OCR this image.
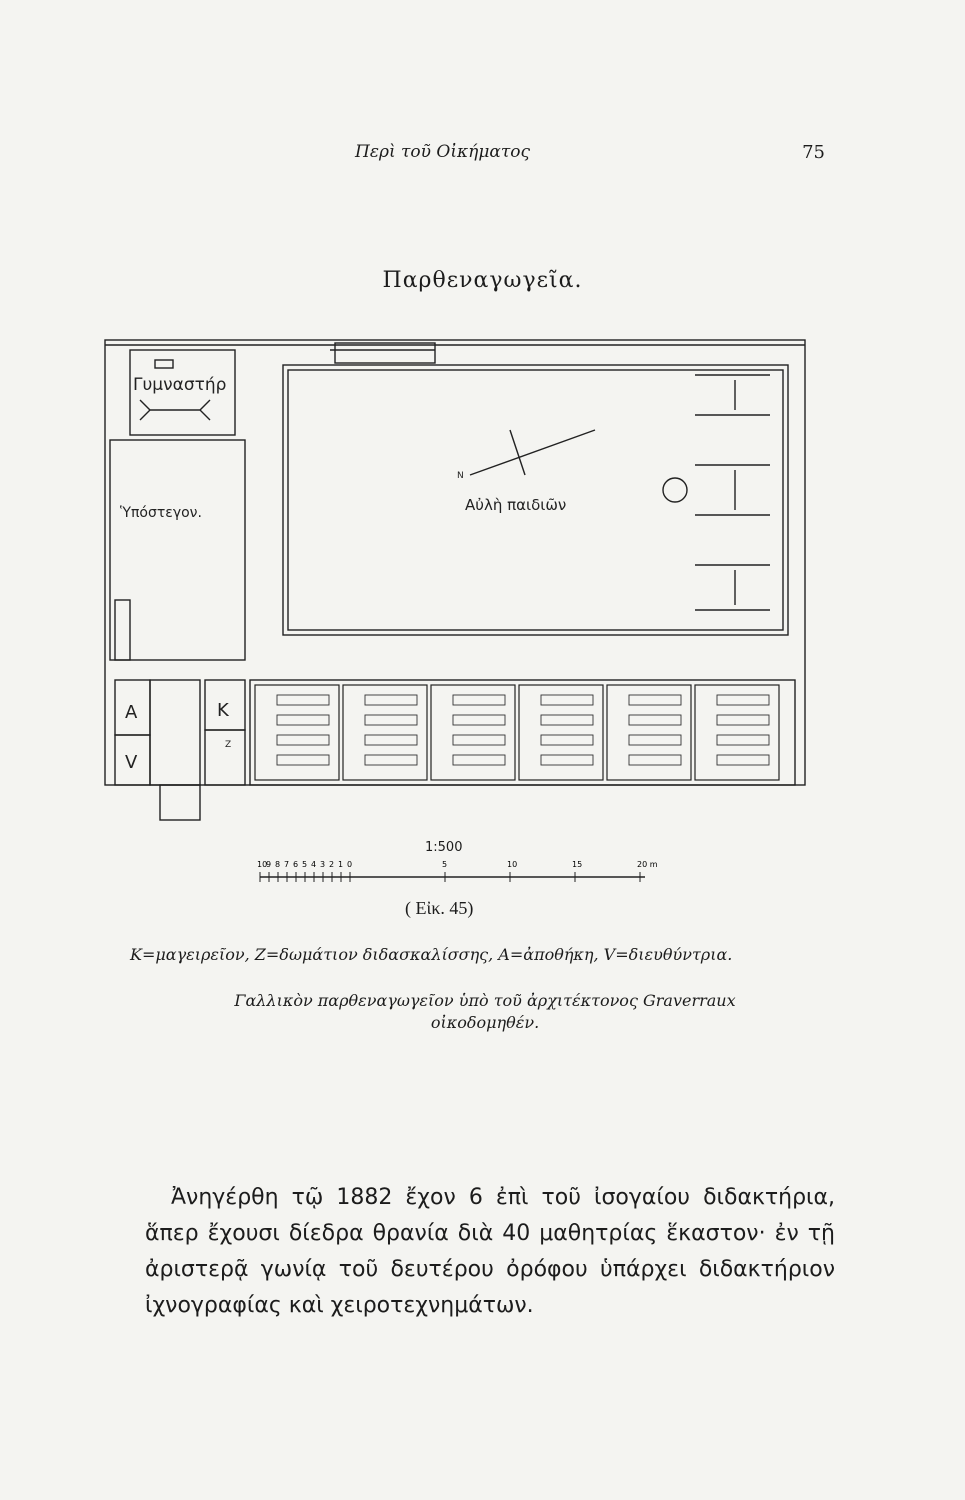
Περὶ τοῦ Οἰκήματος	75
Παρθεναγωγεῖα.
Γυμναστήρ
Ὑπόστεγον.	Αὐλὴ παιδιῶν
N
A
V
K
Z
1:500
10
9 8 7 6 5 4 3 2 1 0	5	10	15	20 m
( Εἰκ. 45)
K=μαγειρεῖον, Z=δωμάτιον διδασκαλίσσης, A=ἀποθήκη, V=διευθύντρια.
Γαλλικὸν παρθεναγωγεῖον ὑπὸ τοῦ ἀρχιτέκτονος Graverraux
οἰκοδομηθέν.
Ἀνηγέρθη τῷ 1882 ἔχον 6 ἐπὶ τοῦ ἰσογαίου διδακτήρια, ἅπερ ἔχουσι δίεδρα θρανία διὰ 40 μαθητρίας ἕκαστον· ἐν τῇ ἀριστερᾷ γωνίᾳ τοῦ δευτέρου ὀρόφου ὑπάρχει διδακτήριον ἰχνογραφίας καὶ χειροτεχνημάτων.
